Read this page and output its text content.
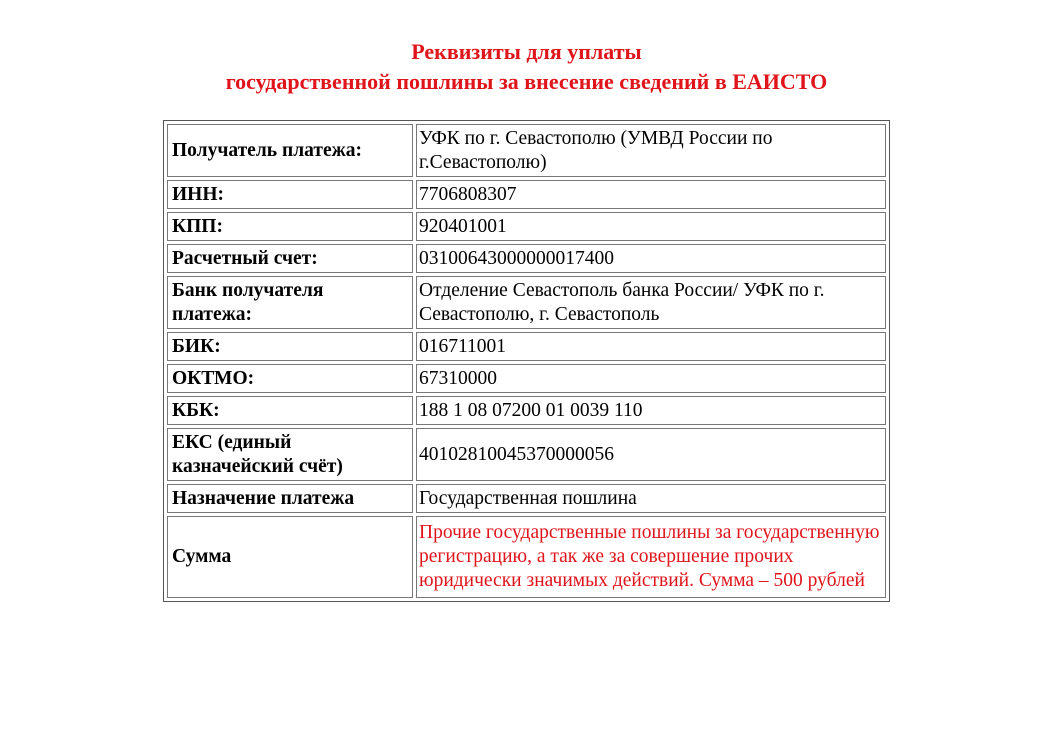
Реквизиты для уплаты
государственной пошлины за внесение сведений в ЕАИСТО
Получатель платежа:	УФК по г. Севастополю (УМВД России по г.Севастополю)
ИНН:	7706808307
КПП:	920401001
Расчетный счет:	03100643000000017400
Банк получателя платежа:	Отделение Севастополь банка России/ УФК по г. Севастополю, г. Севастополь
БИК:	016711001
ОКТМО:	67310000
КБК:	188 1 08 07200 01 0039 110
ЕКС (единый казначейский счёт)	40102810045370000056
Назначение платежа	Государственная пошлина
Сумма	Прочие государственные пошлины за государственную регистрацию, а так же за совершение прочих юридически значимых действий. Сумма – 500 рублей
